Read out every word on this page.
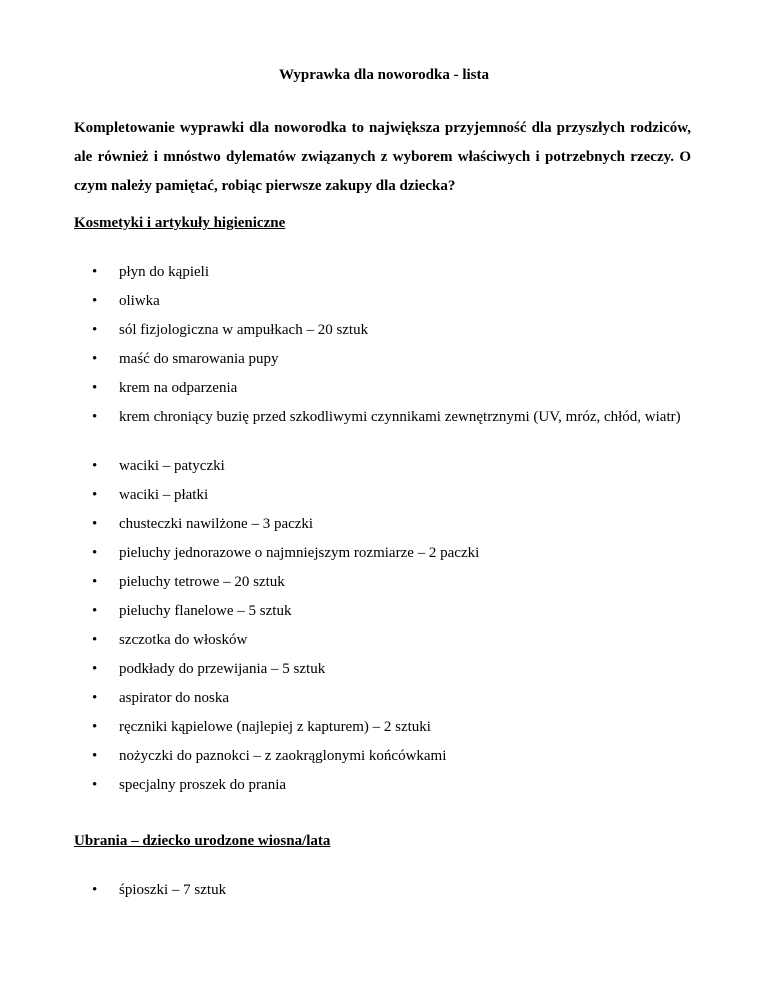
Wyprawka dla noworodka - lista
Kompletowanie wyprawki dla noworodka to największa przyjemność dla przyszłych rodziców, ale również i mnóstwo dylematów związanych z wyborem właściwych i potrzebnych rzeczy. O czym należy pamiętać, robiąc pierwsze zakupy dla dziecka?
Kosmetyki i artykuły higieniczne
• płyn do kąpieli
• oliwka
• sól fizjologiczna w ampułkach – 20 sztuk
• maść do smarowania pupy
• krem na odparzenia
• krem chroniący buzię przed szkodliwymi czynnikami zewnętrznymi (UV, mróz, chłód, wiatr)
• waciki – patyczki
• waciki – płatki
• chusteczki nawilżone – 3 paczki
• pieluchy jednorazowe o najmniejszym rozmiarze – 2 paczki
• pieluchy tetrowe – 20 sztuk
• pieluchy flanelowe – 5 sztuk
• szczotka do włosków
• podkłady do przewijania – 5 sztuk
• aspirator do noska
• ręczniki kąpielowe (najlepiej z kapturem) – 2 sztuki
• nożyczki do paznokci – z zaokrąglonymi końcówkami
• specjalny proszek do prania
Ubrania – dziecko urodzone wiosna/lata
• śpioszki – 7 sztuk
